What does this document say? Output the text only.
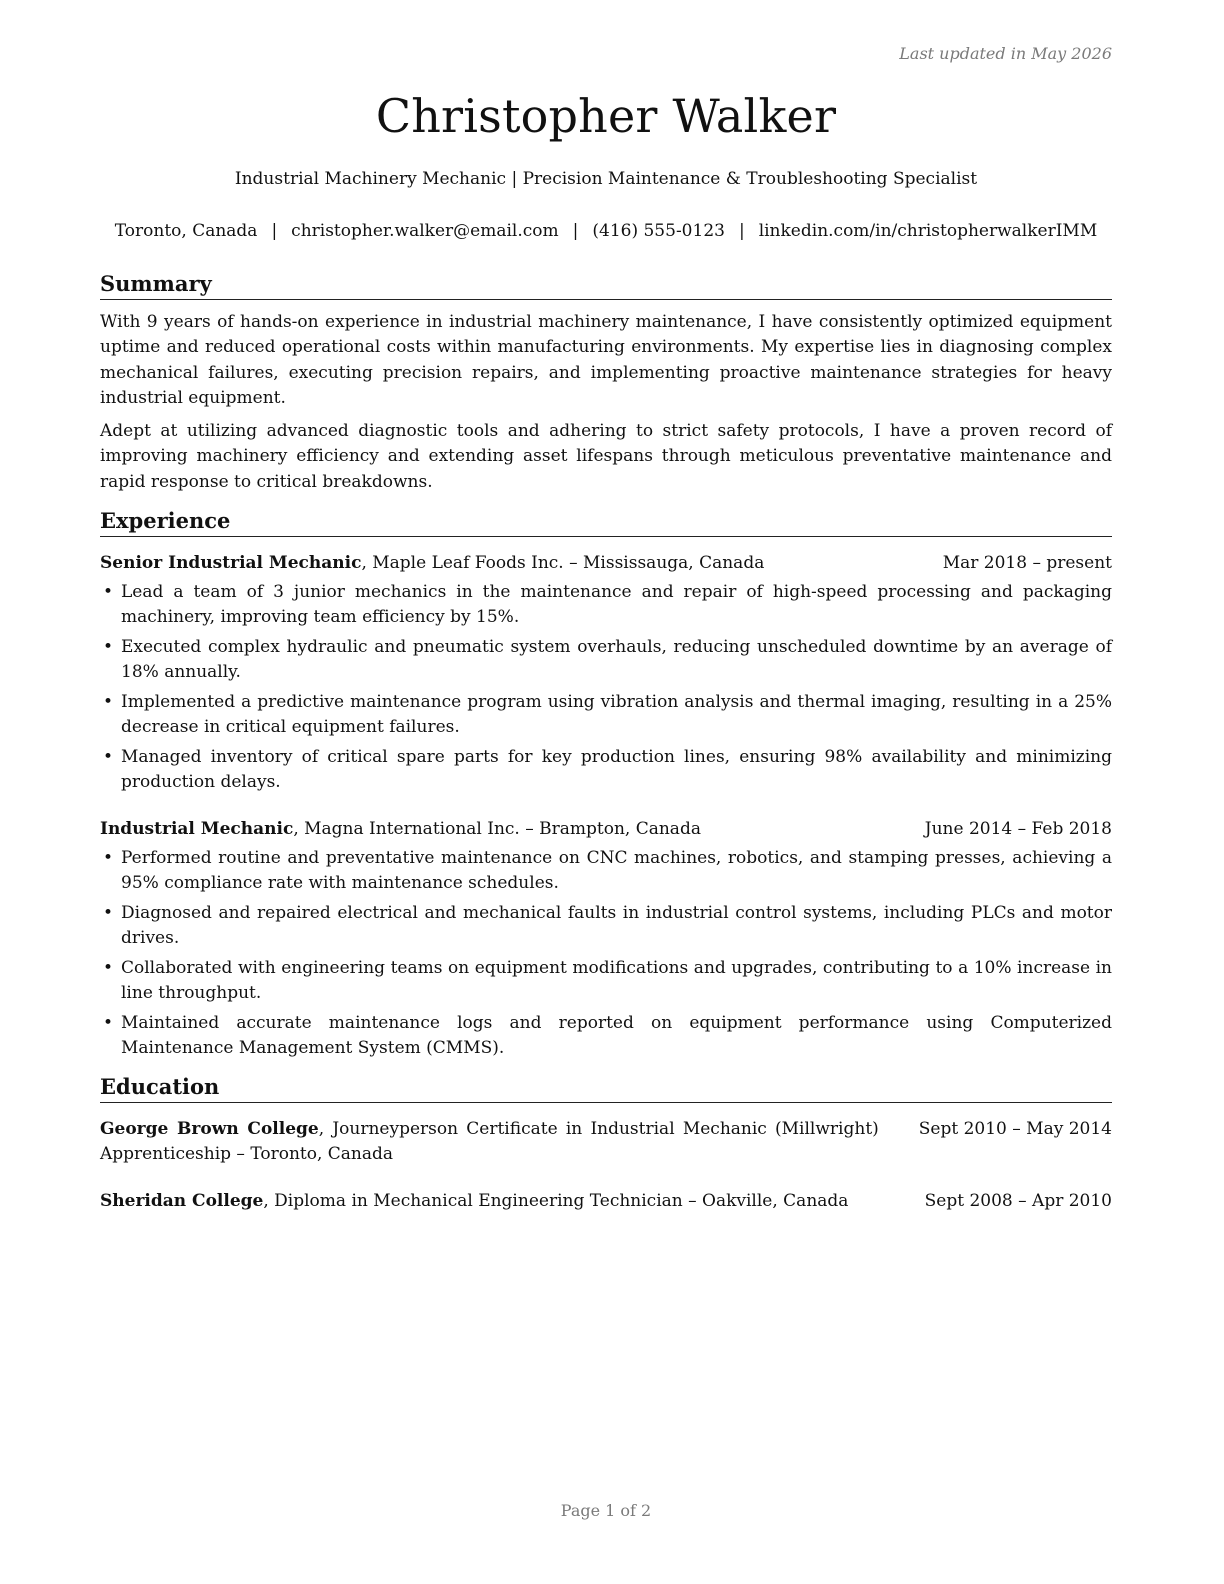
Last updated in May 2026
Christopher Walker
Industrial Machinery Mechanic | Precision Maintenance & Troubleshooting Specialist
Toronto, Canada | christopher.walker@email.com | (416) 555-0123 | linkedin.com/in/christopherwalkerIMM
Summary

With 9 years of hands-on experience in industrial machinery maintenance, I have consistently optimized equipment uptime and reduced operational costs within manufacturing environments. My expertise lies in diagnosing complex mechanical failures, executing precision repairs, and implementing proactive maintenance strategies for heavy industrial equipment.

Adept at utilizing advanced diagnostic tools and adhering to strict safety protocols, I have a proven record of improving machinery efficiency and extending asset lifespans through meticulous preventative maintenance and rapid response to critical breakdowns.

Experience
Senior Industrial Mechanic, Maple Leaf Foods Inc. – Mississauga, Canada	Mar 2018 – present
• Lead a team of 3 junior mechanics in the maintenance and repair of high-speed processing and packaging machinery, improving team efficiency by 15%.
• Executed complex hydraulic and pneumatic system overhauls, reducing unscheduled downtime by an average of 18% annually.
• Implemented a predictive maintenance program using vibration analysis and thermal imaging, resulting in a 25% decrease in critical equipment failures.
• Managed inventory of critical spare parts for key production lines, ensuring 98% availability and minimizing production delays.
Industrial Mechanic, Magna International Inc. – Brampton, Canada	June 2014 – Feb 2018
• Performed routine and preventative maintenance on CNC machines, robotics, and stamping presses, achieving a 95% compliance rate with maintenance schedules.
• Diagnosed and repaired electrical and mechanical faults in industrial control systems, including PLCs and motor drives.
• Collaborated with engineering teams on equipment modifications and upgrades, contributing to a 10% increase in line throughput.
• Maintained accurate maintenance logs and reported on equipment performance using Computerized Maintenance Management System (CMMS).
Education
George Brown College, Journeyperson Certificate in Industrial Mechanic (Millwright) Apprenticeship – Toronto, Canada
Sept 2010 – May 2014
Sheridan College, Diploma in Mechanical Engineering Technician – Oakville, Canada	Sept 2008 – Apr 2010
Page 1 of 2
